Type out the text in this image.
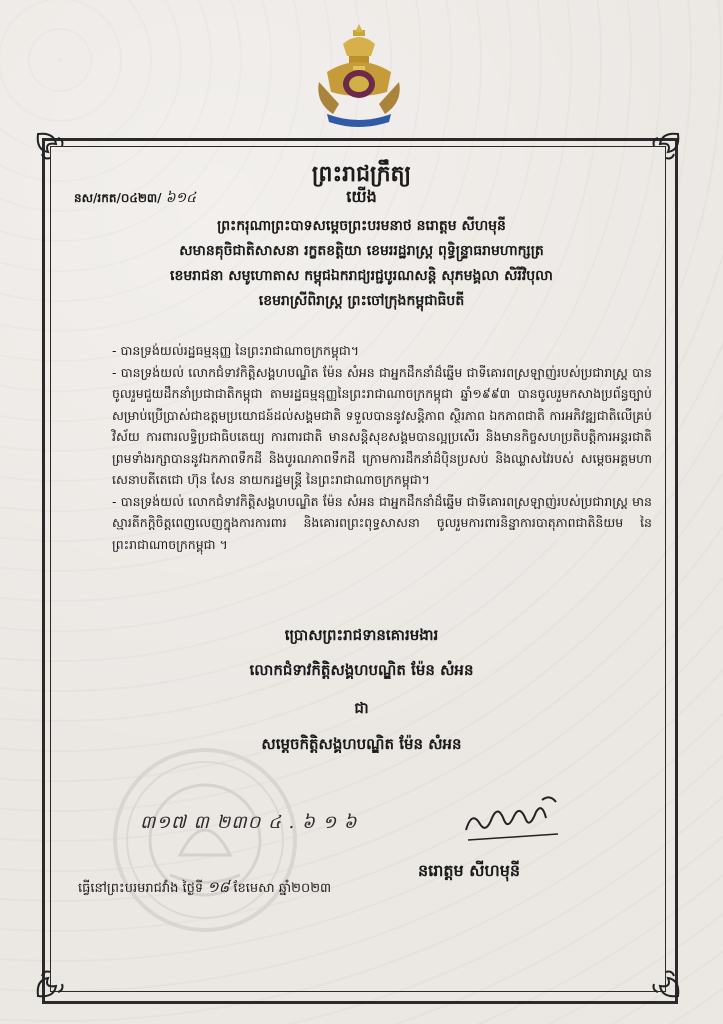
ព្រះរាជក្រឹត្យ
នស/រកត/០៤២៣/ ៦១៤	យើង
ព្រះករុណាព្រះបាទសម្តេចព្រះបរមនាថ នរោត្តម សីហមុនី
សមានគុចិជាតិសាសនា រក្ខតខត្តិយា ខេមររដ្ឋរាស្ត្រ ពុទ្ធិន្រ្ទាធរាមហាក្សត្រ
ខេមរាជនា សមូហោតាស កម្ពុជឯករាជ្យរជ្ជបូរណសន្តិ សុភមង្គលា សិរីវិបុលា
ខេមរាស្រីពិរាស្ត្រ ព្រះចៅក្រុងកម្ពុជាធិបតី

- បានទ្រង់យល់រដ្ឋធម្មនុញ្ញ នៃព្រះរាជាណាចក្រកម្ពុជា។

- បានទ្រង់យល់ លោកជំទាវកិត្តិសង្គហបណ្ឌិត ម៉ែន សំអន ជាអ្នកដឹកនាំដ៏ឆ្នើម ជាទីគោរពស្រឡាញ់របស់ប្រជារាស្ត្រ បានចូលរួមជួយដឹកនាំប្រជាជាតិកម្ពុជា តាមរដ្ឋធម្មនុញ្ញនៃព្រះរាជាណាចក្រកម្ពុជា ឆ្នាំ១៩៩៣ បានចូលរួមកសាងប្រព័ន្ធច្បាប់សម្រាប់ប្រើប្រាស់ជាឧត្តមប្រយោជន៍ដល់សង្គមជាតិ ទទួលបាននូវសន្តិភាព ស្ថិរភាព ឯកភាពជាតិ ការអភិវឌ្ឍជាតិលើគ្រប់វិស័យ ការពារលទ្ធិប្រជាធិបតេយ្យ ការពារជាតិ មានសន្តិសុខសង្គមបានល្អប្រសើរ និងមានកិច្ចសហប្រតិបត្តិការអន្តរជាតិ ព្រមទាំងរក្សាបាននូវឯកភាពទឹកដី និងបូរណភាពទឹកដី ក្រោមការដឹកនាំដ៏ប៉ិនប្រសប់ និងឈ្លាសវៃរបស់ សម្តេចអគ្គមហាសេនាបតីតេជោ ហ៊ុន សែន នាយករដ្ឋមន្ត្រី នៃព្រះរាជាណាចក្រកម្ពុជា។

- បានទ្រង់យល់ លោកជំទាវកិត្តិសង្គហបណ្ឌិត ម៉ែន សំអន ជាអ្នកដឹកនាំដ៏ឆ្នើម ជាទីគោរពស្រឡាញ់របស់ប្រជារាស្ត្រ មានស្មារតីកក្តិចិត្តពេញលេញក្នុងការការពារ និងគោរពព្រះពុទ្ធសាសនា ចូលរួមការពារនិន្នាការបាតុភាពជាតិនិយម នៃព្រះរាជាណាចក្រកម្ពុជា ។

ប្រោសព្រះរាជទានគោរមងារ
លោកជំទាវកិត្តិសង្គហបណ្ឌិត ម៉ែន សំអន
ជា
សម្តេចកិត្តិសង្គហបណ្ឌិត ម៉ែន សំអន
៣១៧ ៣ ២៣០ ៤ . ៦ ១ ៦
នរោត្តម សីហមុនី
ធ្វើនៅព្រះបរមរាជវាំង ថ្ងៃទី ១៨ ខែមេសា ឆ្នាំ២០២៣
